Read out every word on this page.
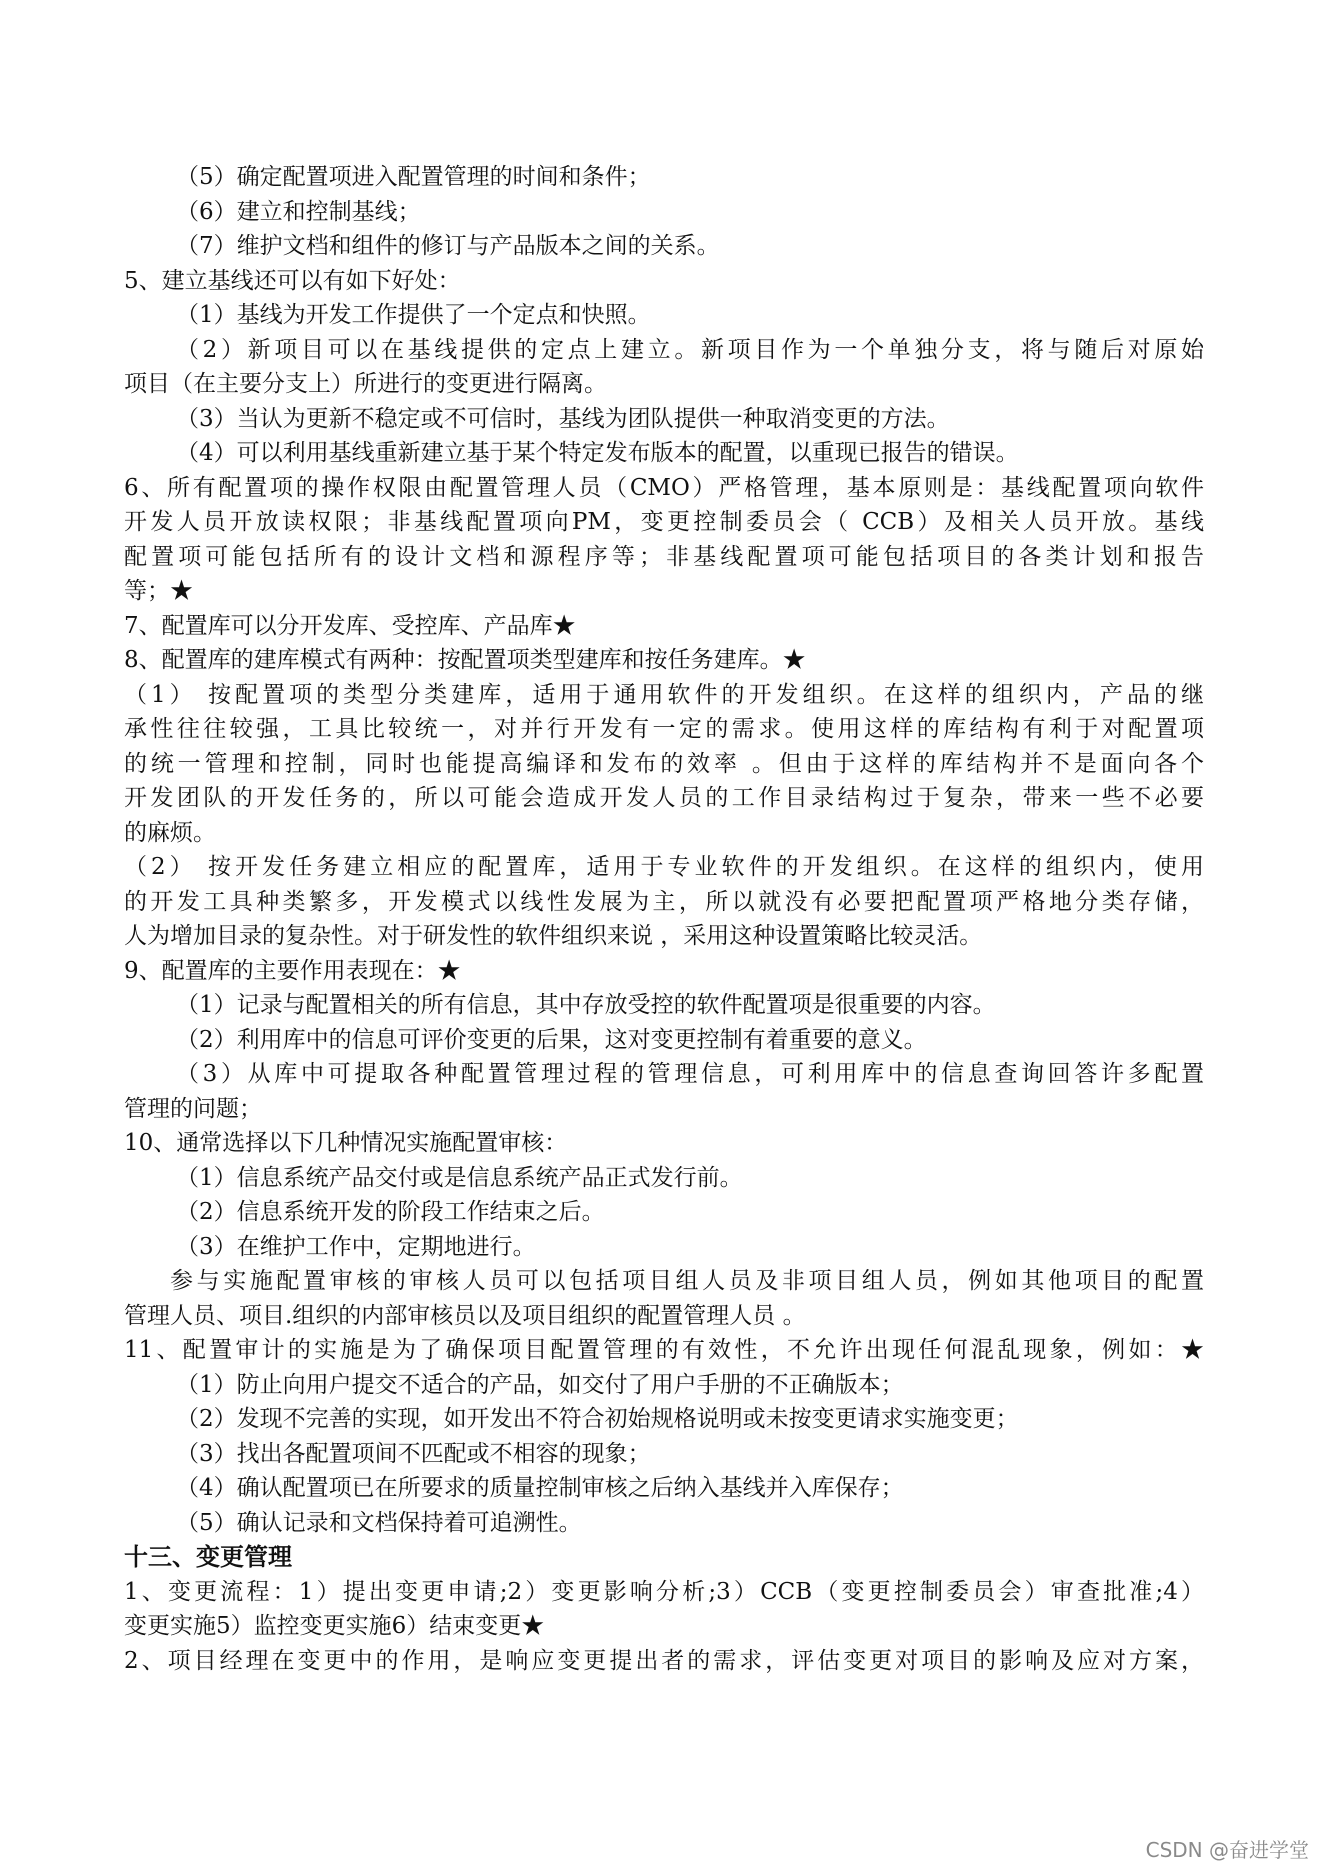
（5）确定配置项进入配置管理的时间和条件；
（6）建立和控制基线；
（7）维护文档和组件的修订与产品版本之间的关系。
5、建立基线还可以有如下好处：
（1）基线为开发工作提供了一个定点和快照。
（2）新项目可以在基线提供的定点上建立。新项目作为一个单独分支，将与随后对原始
项目（在主要分支上）所进行的变更进行隔离。
（3）当认为更新不稳定或不可信时，基线为团队提供一种取消变更的方法。
（4）可以利用基线重新建立基于某个特定发布版本的配置，以重现已报告的错误。
6、所有配置项的操作权限由配置管理人员（CMO）严格管理，基本原则是：基线配置项向软件
开发人员开放读权限；非基线配置项向PM，变更控制委员会（ CCB）及相关人员开放。基线
配置项可能包括所有的设计文档和源程序等；非基线配置项可能包括项目的各类计划和报告
等；★
7、配置库可以分开发库、受控库、产品库★
8、配置库的建库模式有两种：按配置项类型建库和按任务建库。★
（1） 按配置项的类型分类建库，适用于通用软件的开发组织。在这样的组织内，产品的继
承性往往较强，工具比较统一，对并行开发有一定的需求。使用这样的库结构有利于对配置项
的统一管理和控制，同时也能提高编译和发布的效率 。但由于这样的库结构并不是面向各个
开发团队的开发任务的，所以可能会造成开发人员的工作目录结构过于复杂，带来一些不必要
的麻烦。
（2） 按开发任务建立相应的配置库，适用于专业软件的开发组织。在这样的组织内，使用
的开发工具种类繁多，开发模式以线性发展为主，所以就没有必要把配置项严格地分类存储，
人为增加目录的复杂性。对于研发性的软件组织来说 ，采用这种设置策略比较灵活。
9、配置库的主要作用表现在：★
（1）记录与配置相关的所有信息，其中存放受控的软件配置项是很重要的内容。
（2）利用库中的信息可评价变更的后果，这对变更控制有着重要的意义。
（3）从库中可提取各种配置管理过程的管理信息，可利用库中的信息查询回答许多配置
管理的问题；
10、通常选择以下几种情况实施配置审核：
（1）信息系统产品交付或是信息系统产品正式发行前。
（2）信息系统开发的阶段工作结束之后。
（3）在维护工作中，定期地进行。
参与实施配置审核的审核人员可以包括项目组人员及非项目组人员，例如其他项目的配置
管理人员、项目.组织的内部审核员以及项目组织的配置管理人员 。
11、配置审计的实施是为了确保项目配置管理的有效性，不允许出现任何混乱现象，例如：★
（1）防止向用户提交不适合的产品，如交付了用户手册的不正确版本；
（2）发现不完善的实现，如开发出不符合初始规格说明或未按变更请求实施变更；
（3）找出各配置项间不匹配或不相容的现象；
（4）确认配置项已在所要求的质量控制审核之后纳入基线并入库保存；
（5）确认记录和文档保持着可追溯性。
十三、变更管理
1、变更流程：1）提出变更申请;2）变更影响分析;3）CCB（变更控制委员会）审查批准;4）
变更实施5）监控变更实施6）结束变更★
2、项目经理在变更中的作用，是响应变更提出者的需求，评估变更对项目的影响及应对方案，
CSDN @奋进学堂
